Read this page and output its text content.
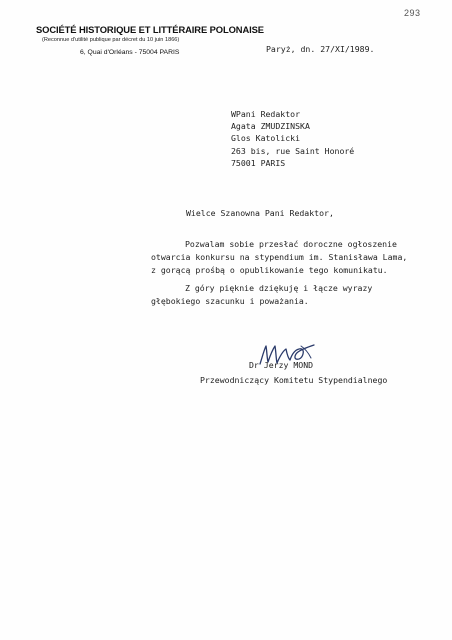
293
SOCIÉTÉ HISTORIQUE ET LITTÉRAIRE POLONAISE
(Reconnue d'utilité publique par décret du 10 juin 1866)
6, Quai d'Orléans - 75004 PARIS	Paryż, dn. 27/XI/1989.
WPani Redaktor
Agata ZMUDZINSKA
Glos Katolicki
263 bis, rue Saint Honoré
75001 PARIS
Wielce Szanowna Pani Redaktor,
Pozwalam sobie przesłać doroczne ogłoszenie
otwarcia konkursu na stypendium im. Stanisława Lama,
z gorącą prośbą o opublikowanie tego komunikatu.
Z góry pięknie dziękuję i łącze wyrazy
głębokiego szacunku i poważania.
Dr Jerzy MOND
Przewodniczący Komitetu Stypendialnego
